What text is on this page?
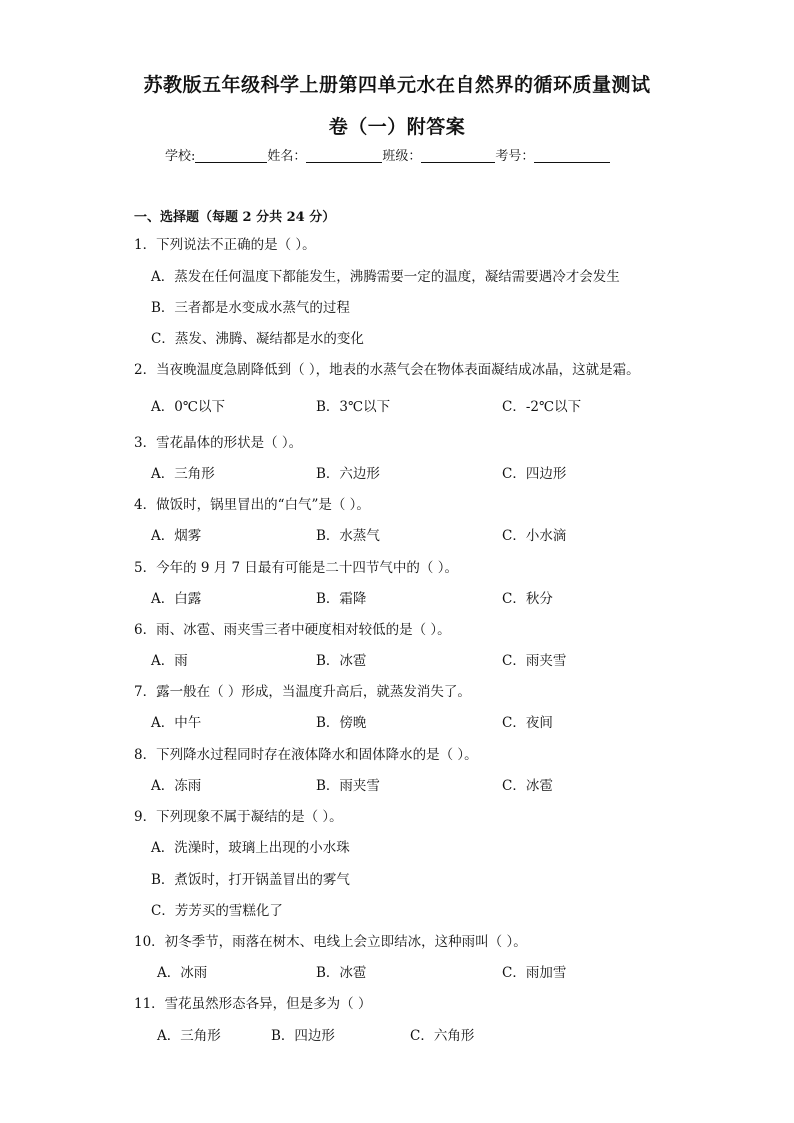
苏教版五年级科学上册第四单元水在自然界的循环质量测试
卷（一）附答案
学校:	姓名：	班级：	考号：
一、选择题（每题 2 分共 24 分）
1．下列说法不正确的是（ ）。
A．蒸发在任何温度下都能发生，沸腾需要一定的温度，凝结需要遇冷才会发生
B．三者都是水变成水蒸气的过程
C．蒸发、沸腾、凝结都是水的变化
2．当夜晚温度急剧降低到（ ），地表的水蒸气会在物体表面凝结成冰晶，这就是霜。
A．0℃以下	B．3℃以下	C．-2℃以下
3．雪花晶体的形状是（ ）。
A．三角形	B．六边形	C．四边形
4．做饭时，锅里冒出的“白气”是（ ）。
A．烟雾	B．水蒸气	C．小水滴
5．今年的 9 月 7 日最有可能是二十四节气中的（ ）。
A．白露	B．霜降	C．秋分
6．雨、冰雹、雨夹雪三者中硬度相对较低的是（ ）。
A．雨	B．冰雹	C．雨夹雪
7．露一般在（ ）形成，当温度升高后，就蒸发消失了。
A．中午	B．傍晚	C．夜间
8．下列降水过程同时存在液体降水和固体降水的是（ ）。
A．冻雨	B．雨夹雪	C．冰雹
9．下列现象不属于凝结的是（ ）。
A．洗澡时，玻璃上出现的小水珠
B．煮饭时，打开锅盖冒出的雾气
C．芳芳买的雪糕化了
10．初冬季节，雨落在树木、电线上会立即结冰，这种雨叫（ ）。
A．冰雨	B．冰雹	C．雨加雪
11．雪花虽然形态各异，但是多为（ ）
A．三角形	B．四边形	C．六角形
